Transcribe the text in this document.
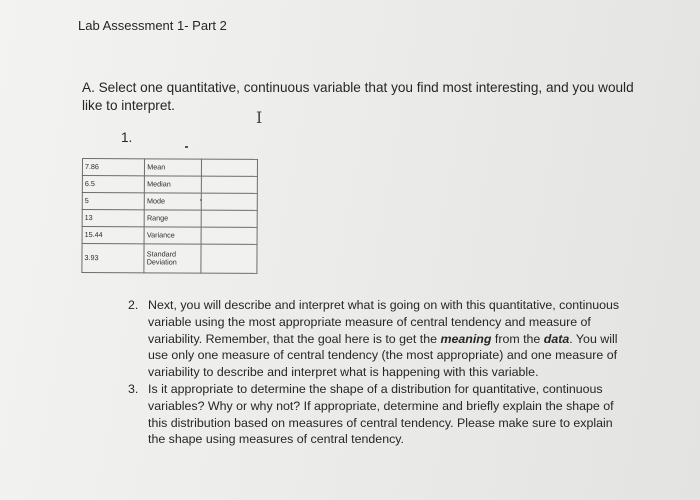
Lab Assessment 1- Part 2
A. Select one quantitative, continuous variable that you find most interesting, and you would like to interpret.
I
1.
7.86	Mean	
6.5	Median	
5	Mode	
13	Range	
15.44	Variance	
3.93	Standard Deviation	
2. Next, you will describe and interpret what is going on with this quantitative, continuous variable using the most appropriate measure of central tendency and measure of variability. Remember, that the goal here is to get the meaning from the data. You will use only one measure of central tendency (the most appropriate) and one measure of variability to describe and interpret what is happening with this variable.
3. Is it appropriate to determine the shape of a distribution for quantitative, continuous variables? Why or why not? If appropriate, determine and briefly explain the shape of this distribution based on measures of central tendency. Please make sure to explain the shape using measures of central tendency.
